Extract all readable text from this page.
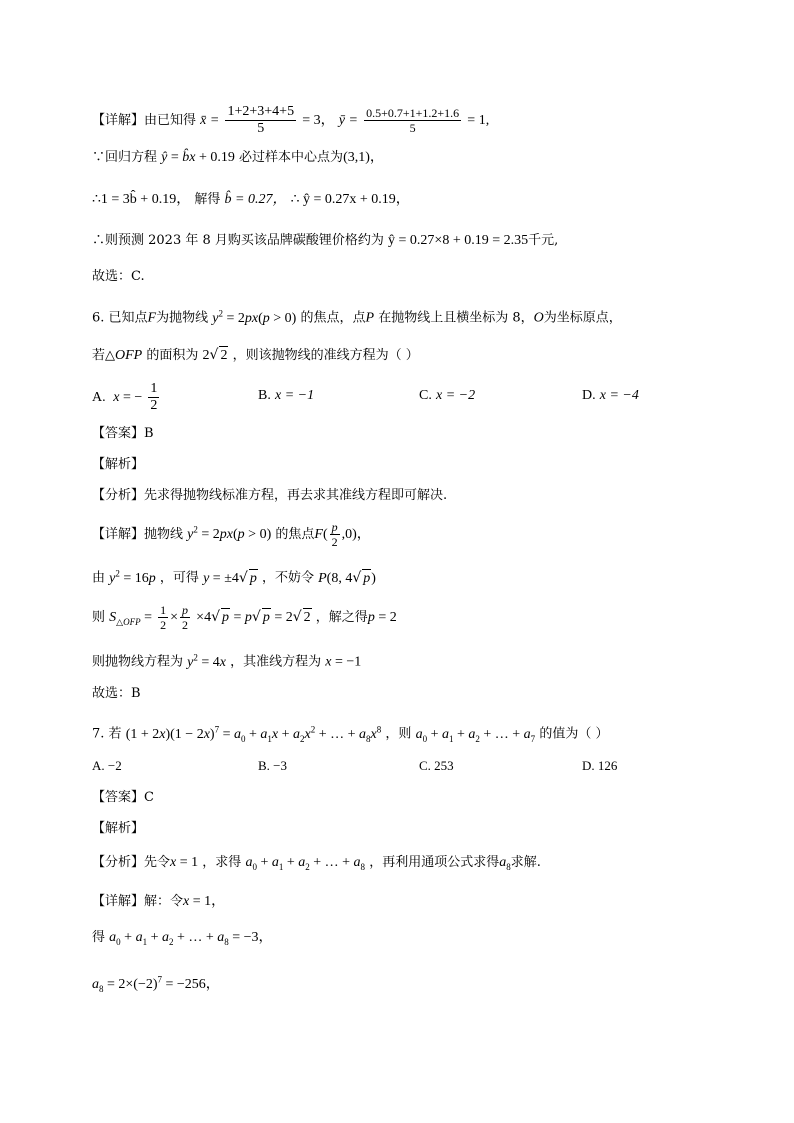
【详解】由已知得 x̄ = $\frac{1+2+3+4+5}{5} = 3$， ȳ = $\frac{0.5+0.7+1+1.2+1.6}{5} = 1$,
∵回归方程 ŷ = b̂x + 0.19 必过样本中心点为(3,1)，
∴1 = 3b̂ + 0.19， 解得 b̂ = 0.27， ∴ ŷ = 0.27x + 0.19，
∴则预测 2023 年 8 月购买该品牌碳酸锂价格约为 ŷ = 0.27×8 + 0.19 = 2.35千元,
故选：C.
6. 已知点F为抛物线 $y^2 = 2px(p > 0)$ 的焦点，点P 在抛物线上且横坐标为 8，O为坐标原点，
若△OFP 的面积为 2√ 2 ，则该抛物线的准线方程为（ ）
A.  x = − $\frac{1}{2}$	B. x = −1	C. x = −2	D. x = −4
【答案】B
【解析】
【分析】先求得抛物线标准方程，再去求其准线方程即可解决.
【详解】抛物线 $y^2 = 2px(p > 0)$ 的焦点$F( \frac{p}{2} ,0)$，
由 $y^2 = 16p$ ，可得 y = ±4√ p ，不妨令 P(8, 4√ p)
则 $S_{\triangle OFP} = \frac{1}{2} \times \frac{p}{2} \times 4√$ p = p√ p = 2√ 2 ，解之得p = 2
则抛物线方程为 $y^2 = 4x$ ，其准线方程为 x = −1
故选：B
7. 若 $(1 + 2x)(1 - 2x)^7 = a_0 + a_1x + a_2x^2$ + … + $a_8x^8$ ，则 $a_0 + a_1 + a_2$ + … + $a_7$ 的值为（ ）
A. −2	B. −3	C. 253	D. 126
【答案】C
【解析】
【分析】先令x = 1 ，求得 $a_0 + a_1 + a_2$ + … + $a_8$ ，再利用通项公式求得$a_8$求解.
【详解】解：令x = 1，
得 $a_0 + a_1 + a_2$ + … + $a_8 = -3$，
$a_8 = 2\times(-2)^7 = -256$，
